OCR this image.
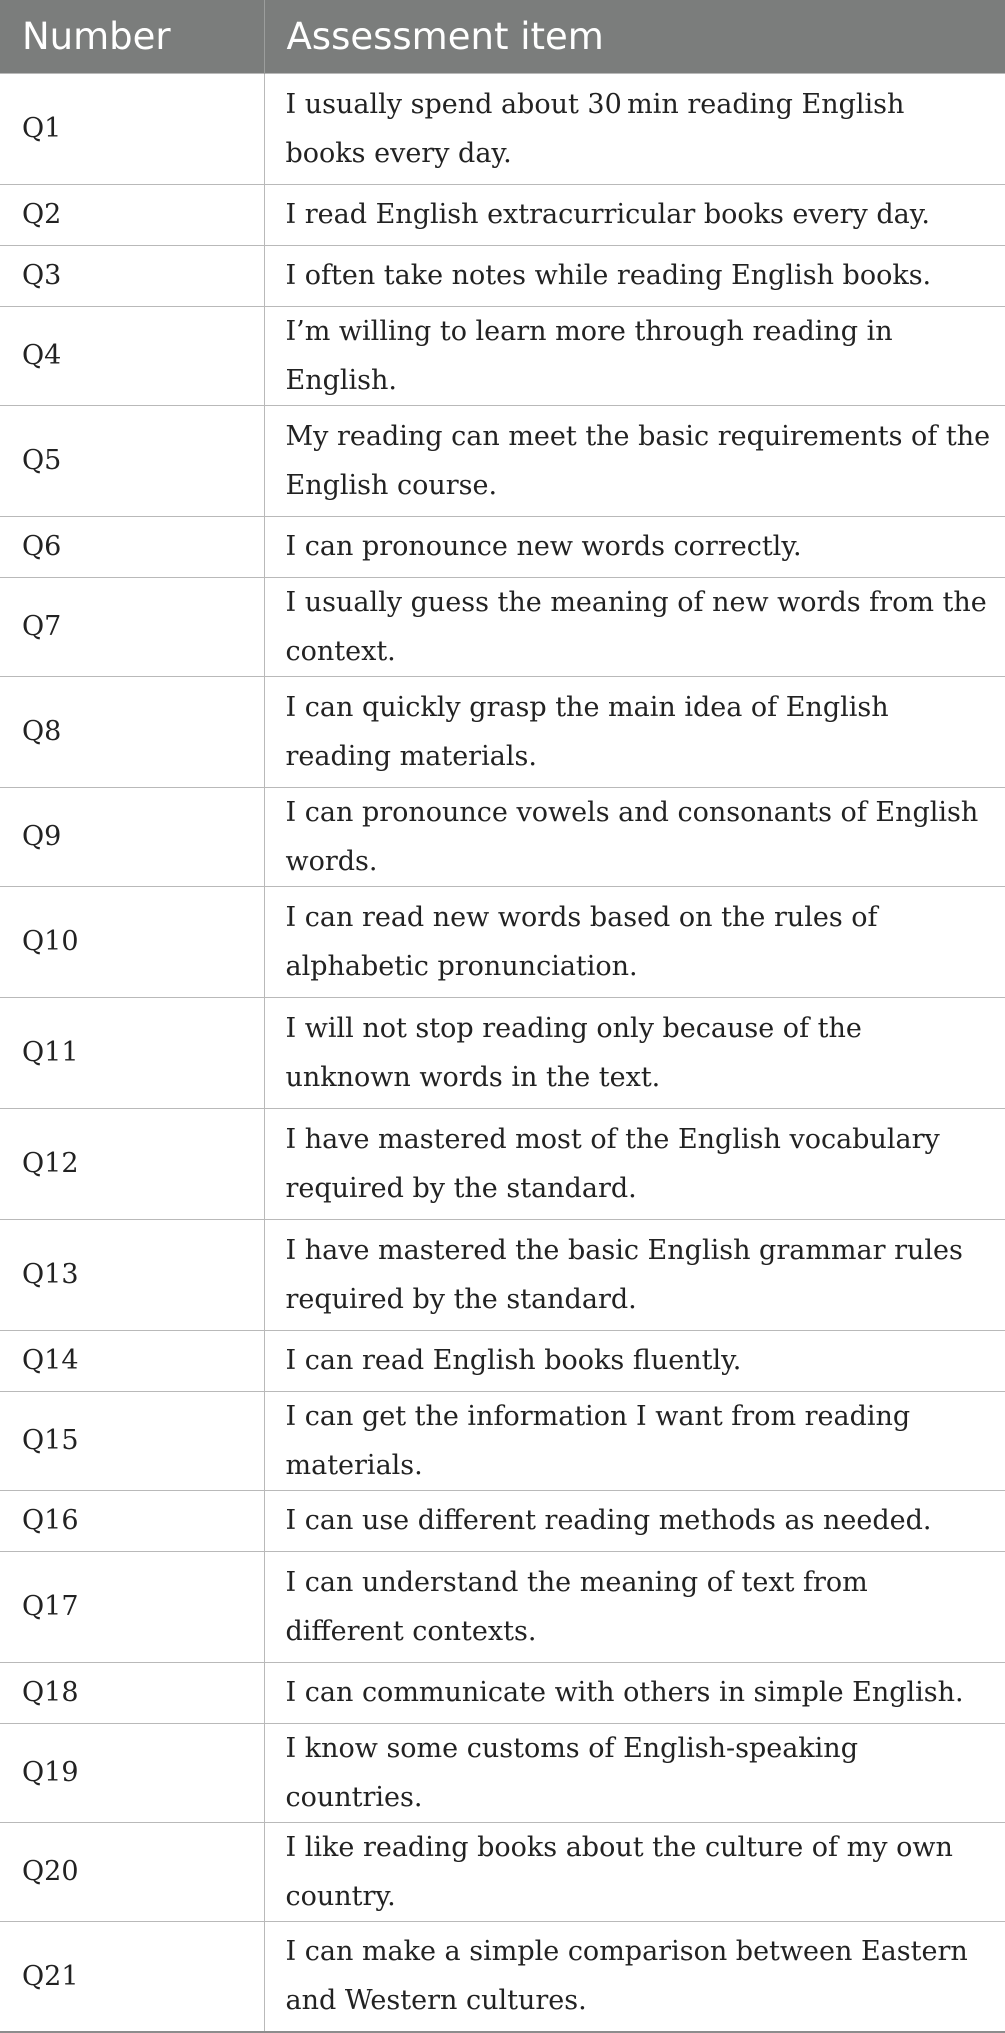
Number	Assessment item
Q1	I usually spend about 30 min reading English books every day.
Q2	I read English extracurricular books every day.
Q3	I often take notes while reading English books.
Q4	I’m willing to learn more through reading in English.
Q5	My reading can meet the basic requirements of the English course.
Q6	I can pronounce new words correctly.
Q7	I usually guess the meaning of new words from the context.
Q8	I can quickly grasp the main idea of English reading materials.
Q9	I can pronounce vowels and consonants of English words.
Q10	I can read new words based on the rules of alphabetic pronunciation.
Q11	I will not stop reading only because of the unknown words in the text.
Q12	I have mastered most of the English vocabulary required by the standard.
Q13	I have mastered the basic English grammar rules required by the standard.
Q14	I can read English books fluently.
Q15	I can get the information I want from reading materials.
Q16	I can use different reading methods as needed.
Q17	I can understand the meaning of text from different contexts.
Q18	I can communicate with others in simple English.
Q19	I know some customs of English-speaking countries.
Q20	I like reading books about the culture of my own country.
Q21	I can make a simple comparison between Eastern and Western cultures.
